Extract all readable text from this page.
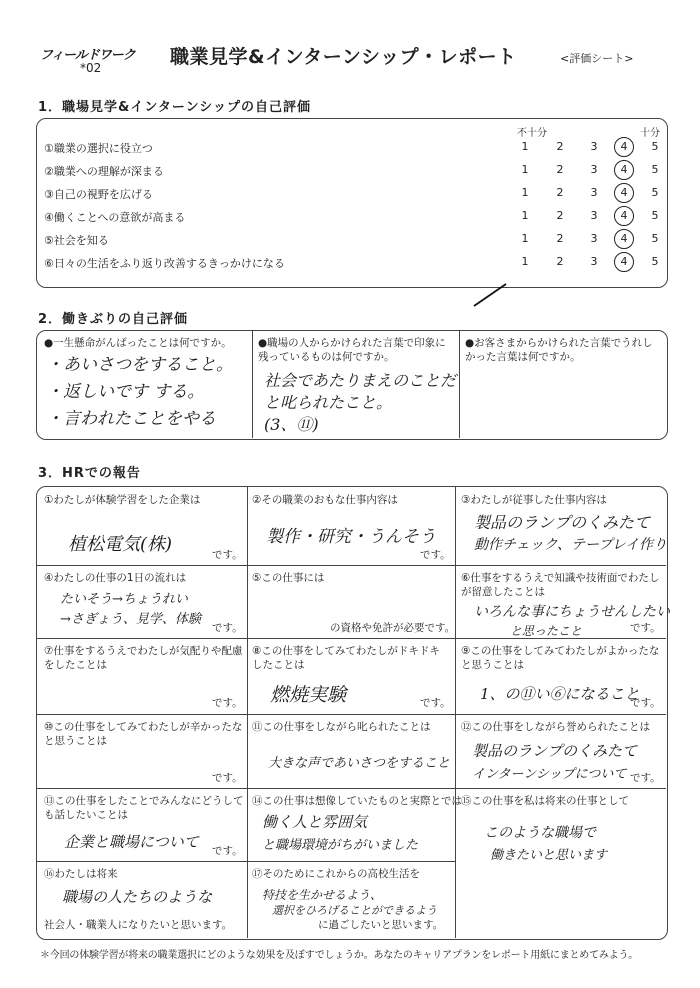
フィールドワーク
*02	職業見学&インターンシップ・レポート	<評価シート>
1．職場見学&インターンシップの自己評価
不十分	十分
①職業の選択に役立つ	1	2	3	4	5
②職業への理解が深まる	1	2	3	4	5
③自己の視野を広げる	1	2	3	4	5
④働くことへの意欲が高まる	1	2	3	4	5
⑤社会を知る	1	2	3	4	5
⑥日々の生活をふり返り改善するきっかけになる	1	2	3	4	5
2．働きぶりの自己評価
●一生懸命がんばったことは何ですか。
・あいさつをすること。
・返しいです する。
・言われたことをやる
●職場の人からかけられた言葉で印象に残っているものは何ですか。
社会であたりまえのことだ
と叱られたこと。
(3、⑪)
●お客さまからかけられた言葉でうれしかった言葉は何ですか。
3．HRでの報告
①わたしが体験学習をした企業は
植松電気(株)	です。
②その職業のおもな仕事内容は
製作・研究・うんそう
です。
③わたしが従事した仕事内容は
製品のランプのくみたて
動作チェック、テープレイ作り
④わたしの仕事の1日の流れは
たいそう→ちょうれい
→さぎょう、見学、体験
です。
⑤この仕事には
の資格や免許が必要です。
⑥仕事をするうえで知識や技術面でわたしが留意したことは
いろんな事にちょうせんしたい
と思ったこと	です。
⑦仕事をするうえでわたしが気配りや配慮をしたことは
です。
⑧この仕事をしてみてわたしがドキドキしたことは
燃焼実験	です。
⑨この仕事をしてみてわたしがよかったなと思うことは
1、の⑪い⑥になること
です。
⑩この仕事をしてみてわたしが辛かったなと思うことは
です。
⑪この仕事をしながら叱られたことは
大きな声であいさつをすること
⑫この仕事をしながら誉められたことは
製品のランプのくみたて
インターンシップについて です。
⑬この仕事をしたことでみんなにどうしても話したいことは
企業と職場について です。
⑭この仕事は想像していたものと実際とでは
働く人と雰囲気
と職場環境がちがいました
⑮この仕事を私は将来の仕事として
このような職場で
働きたいと思います
⑯わたしは将来
職場の人たちのような
社会人・職業人になりたいと思います。
⑰そのためにこれからの高校生活を
特技を生かせるよう、
選択をひろげることができるよう
に過ごしたいと思います。
＊今回の体験学習が将来の職業選択にどのような効果を及ぼすでしょうか。あなたのキャリアプランをレポート用紙にまとめてみよう。
